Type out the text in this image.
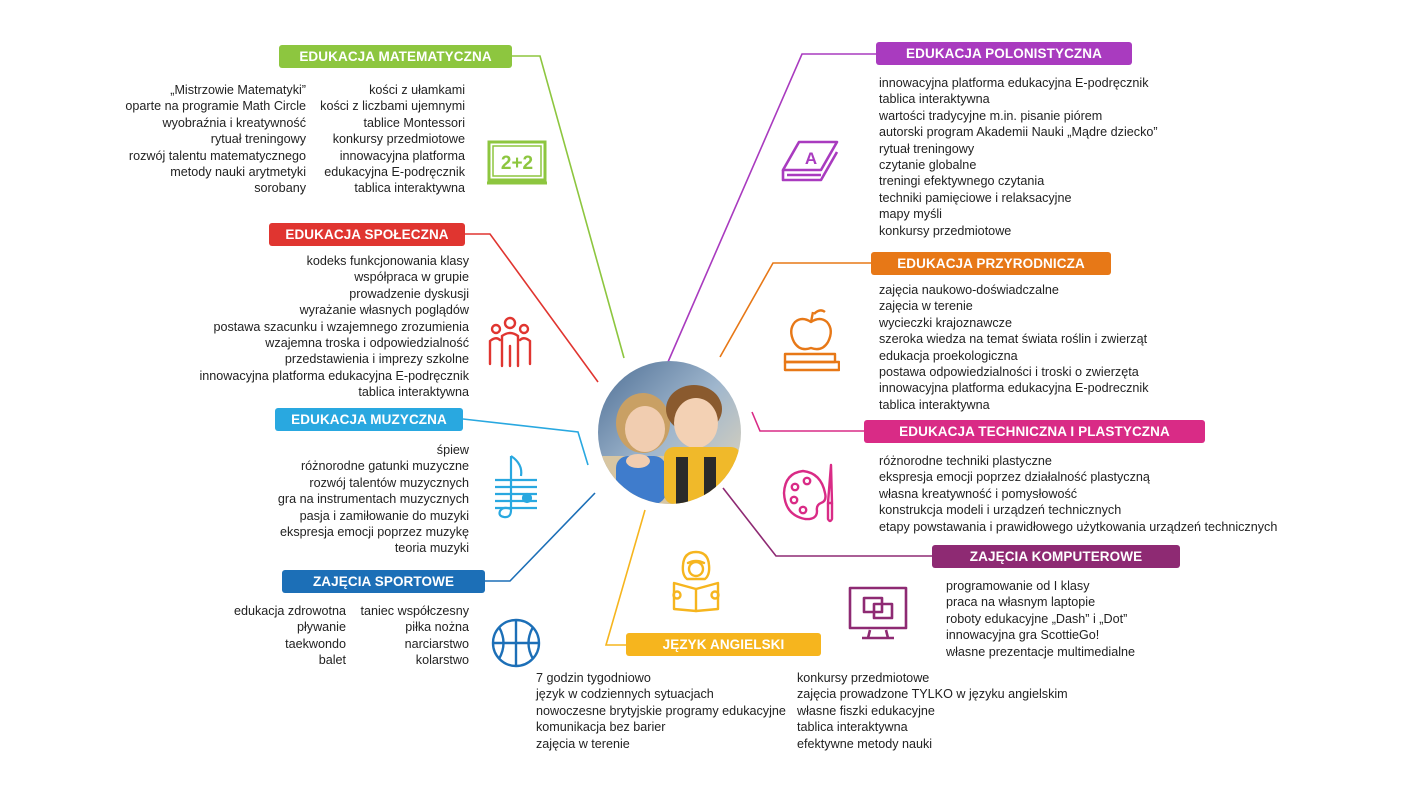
EDUKACJA MATEMATYCZNA
„Mistrzowie Matematyki”
oparte na programie Math Circle
wyobraźnia i kreatywność
rytuał treningowy
rozwój talentu matematycznego
metody nauki arytmetyki
sorobany
kości z ułamkami
kości z liczbami ujemnymi
tablice Montessori
konkursy przedmiotowe
innowacyjna platforma
edukacyjna E-podręcznik
tablica interaktywna
2+2
EDUKACJA SPOŁECZNA
kodeks funkcjonowania klasy
współpraca w grupie
prowadzenie dyskusji
wyrażanie własnych poglądów
postawa szacunku i wzajemnego zrozumienia
wzajemna troska i odpowiedzialność
przedstawienia i imprezy szkolne
innowacyjna platforma edukacyjna E-podręcznik
tablica interaktywna
EDUKACJA MUZYCZNA
śpiew
różnorodne gatunki muzyczne
rozwój talentów muzycznych
gra na instrumentach muzycznych
pasja i zamiłowanie do muzyki
ekspresja emocji poprzez muzykę
teoria muzyki
ZAJĘCIA SPORTOWE
edukacja zdrowotna
pływanie
taekwondo
balet
taniec współczesny
piłka nożna
narciarstwo
kolarstwo
EDUKACJA POLONISTYCZNA
innowacyjna platforma edukacyjna E-podręcznik
tablica interaktywna
wartości tradycyjne m.in. pisanie piórem
autorski program Akademii Nauki „Mądre dziecko”
rytuał treningowy
czytanie globalne
treningi efektywnego czytania
techniki pamięciowe i relaksacyjne
mapy myśli
konkursy przedmiotowe
A
EDUKACJA PRZYRODNICZA
zajęcia naukowo-doświadczalne
zajęcia w terenie
wycieczki krajoznawcze
szeroka wiedza na temat świata roślin i zwierząt
edukacja proekologiczna
postawa odpowiedzialności i troski o zwierzęta
innowacyjna platforma edukacyjna E-podrecznik
tablica interaktywna
EDUKACJA TECHNICZNA I PLASTYCZNA
różnorodne techniki plastyczne
ekspresja emocji poprzez działalność plastyczną
własna kreatywność i pomysłowość
konstrukcja modeli i urządzeń technicznych
etapy powstawania i prawidłowego użytkowania urządzeń technicznych
ZAJĘCIA KOMPUTEROWE
programowanie od I klasy
praca na własnym laptopie
roboty edukacyjne „Dash” i „Dot”
innowacyjna gra ScottieGo!
własne prezentacje multimedialne
JĘZYK ANGIELSKI
7 godzin tygodniowo
język w codziennych sytuacjach
nowoczesne brytyjskie programy edukacyjne
komunikacja bez barier
zajęcia w terenie
konkursy przedmiotowe
zajęcia prowadzone TYLKO w języku angielskim
własne fiszki edukacyjne
tablica interaktywna
efektywne metody nauki
